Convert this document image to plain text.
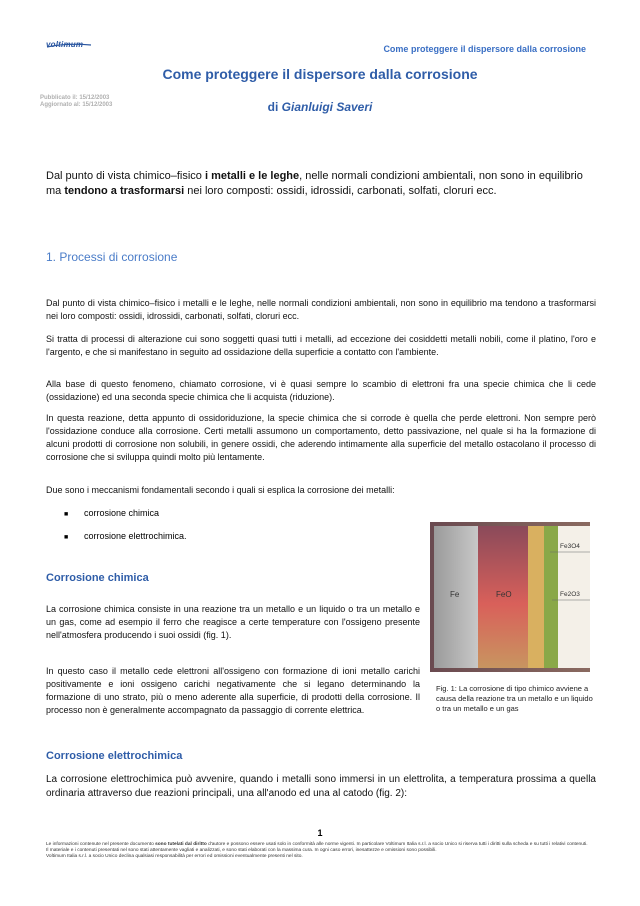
voltimum	Come proteggere il dispersore dalla corrosione
Come proteggere il dispersore dalla corrosione
Pubblicato il: 15/12/2003
Aggiornato al: 15/12/2003	di Gianluigi Saveri
Dal punto di vista chimico–fisico i metalli e le leghe, nelle normali condizioni ambientali, non sono in equilibrio ma tendono a trasformarsi nei loro composti: ossidi, idrossidi, carbonati, solfati, cloruri ecc.
1. Processi di corrosione
Dal punto di vista chimico–fisico i metalli e le leghe, nelle normali condizioni ambientali, non sono in equilibrio ma tendono a trasformarsi nei loro composti: ossidi, idrossidi, carbonati, solfati, cloruri ecc.
Si tratta di processi di alterazione cui sono soggetti quasi tutti i metalli, ad eccezione dei cosiddetti metalli nobili, come il platino, l'oro e l'argento, e che si manifestano in seguito ad ossidazione della superficie a contatto con l'ambiente.
Alla base di questo fenomeno, chiamato corrosione, vi è quasi sempre lo scambio di elettroni fra una specie chimica che li cede (ossidazione) ed una seconda specie chimica che li acquista (riduzione).
In questa reazione, detta appunto di ossidoriduzione, la specie chimica che si corrode è quella che perde elettroni. Non sempre però l'ossidazione conduce alla corrosione. Certi metalli assumono un comportamento, detto passivazione, nel quale si ha la formazione di alcuni prodotti di corrosione non solubili, in genere ossidi, che aderendo intimamente alla superficie del metallo ostacolano il processo di corrosione che si sviluppa quindi molto più lentamente.
Due sono i meccanismi fondamentali secondo i quali si esplica la corrosione dei metalli:
■ corrosione chimica
■ corrosione elettrochimica.
Corrosione chimica
La corrosione chimica consiste in una reazione tra un metallo e un liquido o tra un metallo e un gas, come ad esempio il ferro che reagisce a certe temperature con l'ossigeno presente nell'atmosfera producendo i suoi ossidi (fig. 1).
In questo caso il metallo cede elettroni all'ossigeno con formazione di ioni metallo carichi positivamente e ioni ossigeno carichi negativamente che si legano determinando la formazione di uno strato, più o meno aderente alla superficie, di prodotti della corrosione. Il processo non è generalmente accompagnato da passaggio di corrente elettrica.
Fe	FeO
Fe3O4
Fe2O3
Fig. 1: La corrosione di tipo chimico avviene a causa della reazione tra un metallo e un liquido o tra un metallo e un gas
Corrosione elettrochimica
La corrosione elettrochimica può avvenire, quando i metalli sono immersi in un elettrolita, a temperatura prossima a quella ordinaria attraverso due reazioni principali, una all'anodo ed una al catodo (fig. 2):
1
Le informazioni contenute nel presente documento sono tutelati dal diritto d'autore e possono essere usati solo in conformità alle norme vigenti. In particolare Voltimum Italia s.r.l. a socio Unico si riserva tutti i diritti sulla scheda e su tutti i relativi contenuti.
Il materiale e i contenuti presentati nel sono stati attentamente vagliati e analizzati, e sono stati elaborati con la massima cura. In ogni caso errori, inesattezze e omissioni sono possibili.
Voltimum Italia s.r.l. a socio Unico declina qualsiasi responsabilità per errori ed omissioni eventualmente presenti nel sito.
